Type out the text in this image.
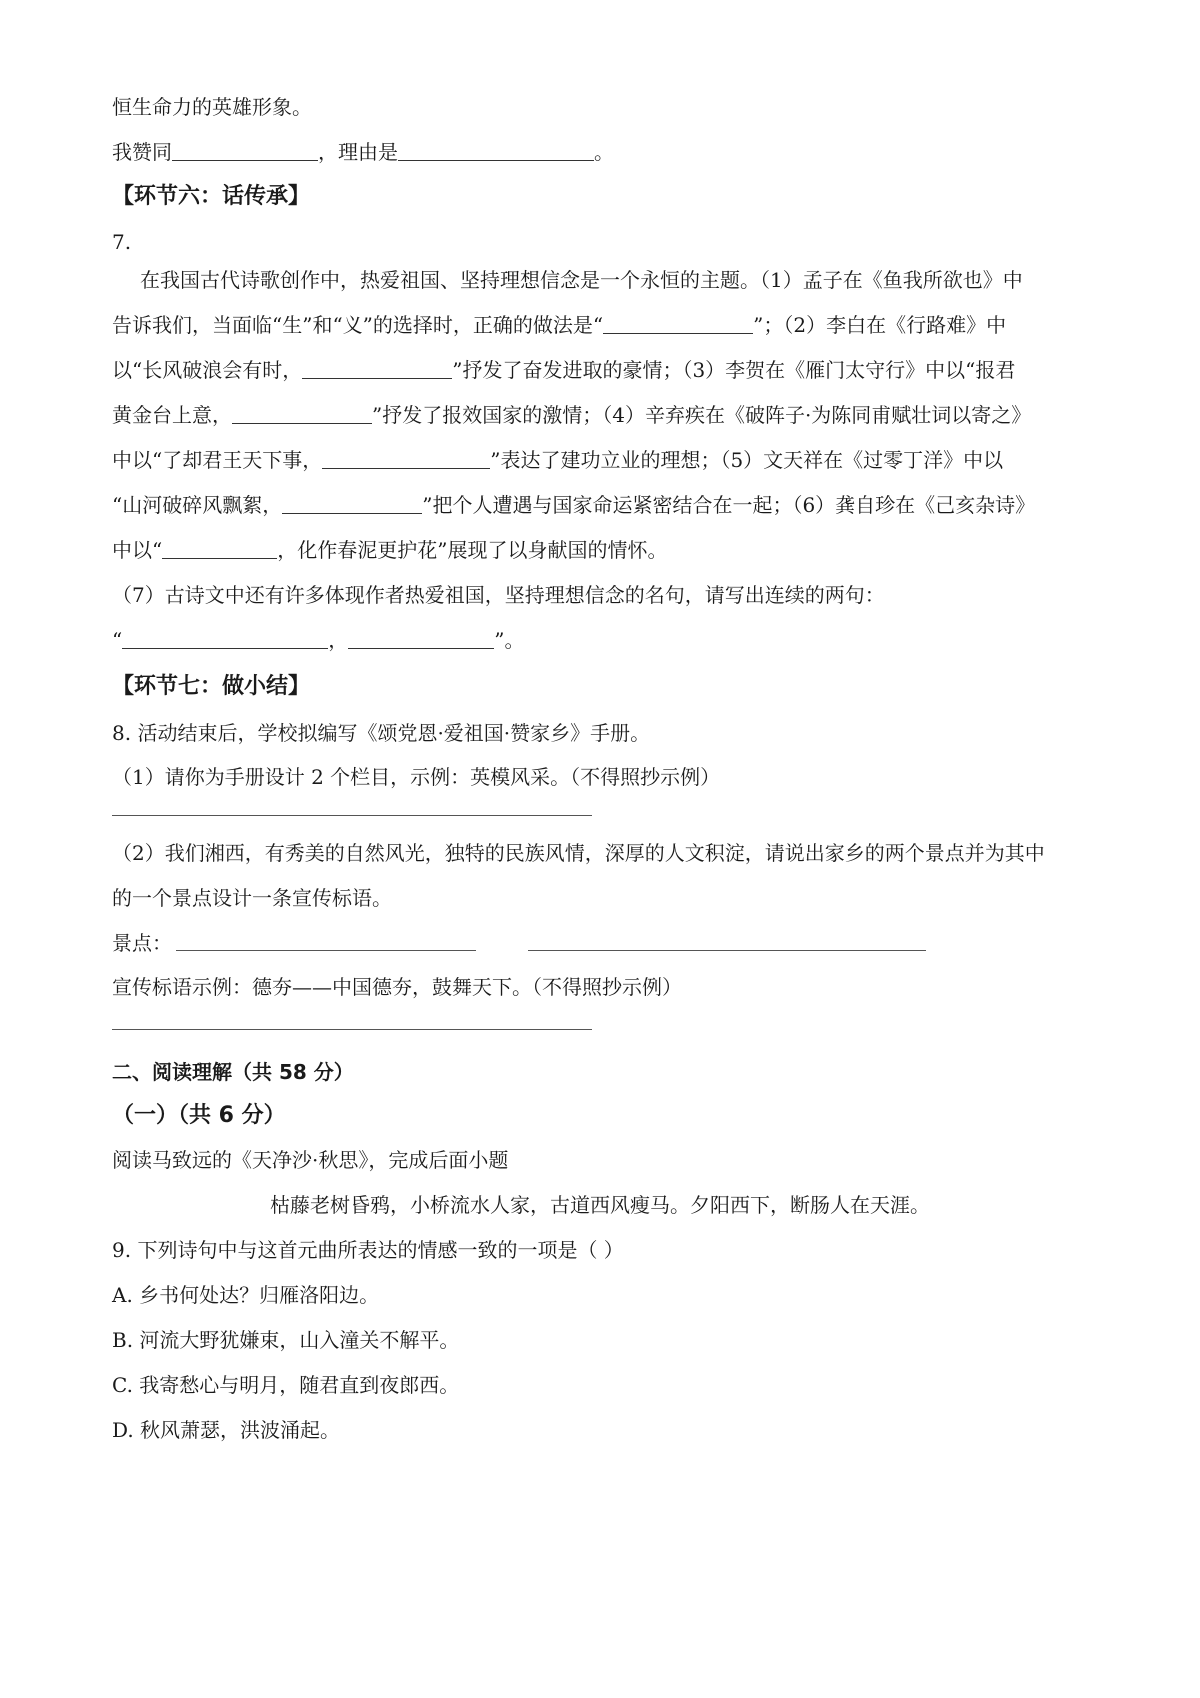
恒生命力的英雄形象。
我赞同	，理由是	。
【环节六：话传承】
7.
在我国古代诗歌创作中，热爱祖国、坚持理想信念是一个永恒的主题。（1）孟子在《鱼我所欲也》中
告诉我们，当面临“生”和“义”的选择时，正确的做法是“	”；（2）李白在《行路难》中
以“长风破浪会有时，	”抒发了奋发进取的豪情；（3）李贺在《雁门太守行》中以“报君
黄金台上意，	”抒发了报效国家的激情；（4）辛弃疾在《破阵子·为陈同甫赋壮词以寄之》
中以“了却君王天下事，	”表达了建功立业的理想；（5）文天祥在《过零丁洋》中以
“山河破碎风飘絮，	”把个人遭遇与国家命运紧密结合在一起；（6）龚自珍在《己亥杂诗》
中以“	，化作春泥更护花”展现了以身献国的情怀。
（7）古诗文中还有许多体现作者热爱祖国，坚持理想信念的名句，请写出连续的两句：
“	，	”。
【环节七：做小结】
8. 活动结束后，学校拟编写《颂党恩·爱祖国·赞家乡》手册。
（1）请你为手册设计 2 个栏目，示例：英模风采。（不得照抄示例）
（2）我们湘西，有秀美的自然风光，独特的民族风情，深厚的人文积淀，请说出家乡的两个景点并为其中
的一个景点设计一条宣传标语。
景点：
宣传标语示例：德夯——中国德夯，鼓舞天下。（不得照抄示例）
二、阅读理解（共 58 分）
（一）（共 6 分）
阅读马致远的《天净沙·秋思》，完成后面小题
枯藤老树昏鸦，小桥流水人家，古道西风瘦马。夕阳西下，断肠人在天涯。
9. 下列诗句中与这首元曲所表达的情感一致的一项是（ ）
A. 乡书何处达？归雁洛阳边。
B. 河流大野犹嫌束，山入潼关不解平。
C. 我寄愁心与明月，随君直到夜郎西。
D. 秋风萧瑟，洪波涌起。
